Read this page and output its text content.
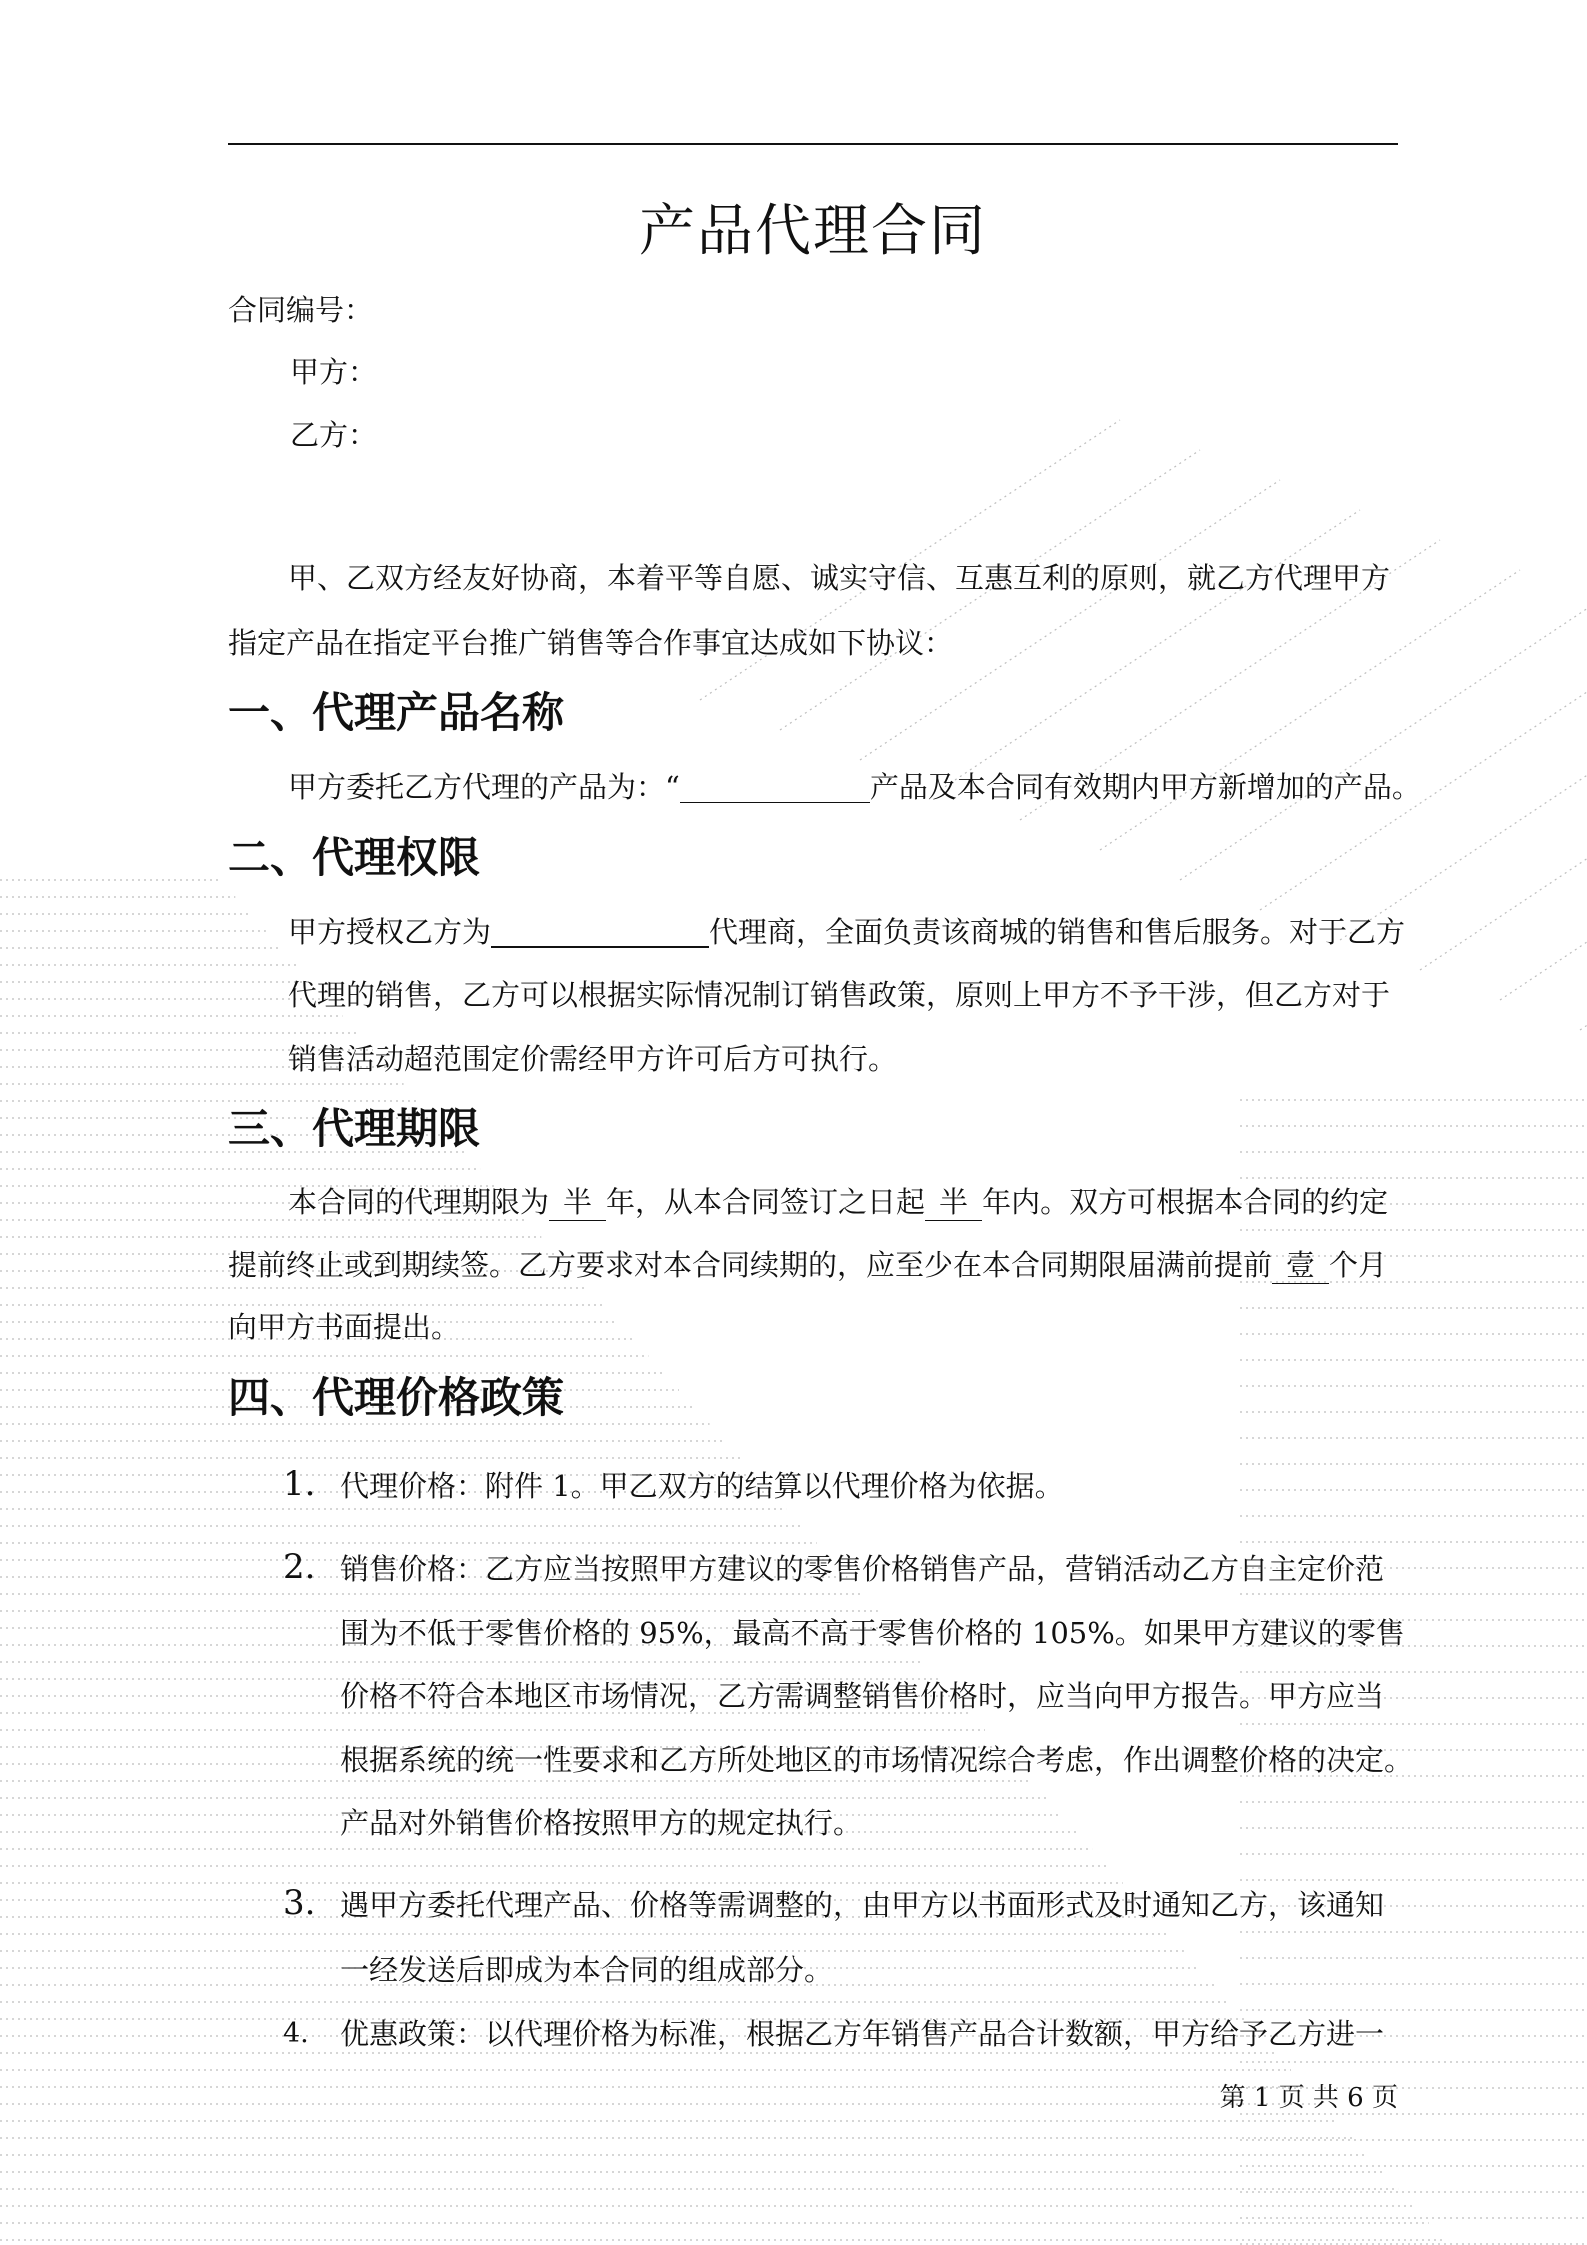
产品代理合同
合同编号：
甲方：
乙方：
甲、乙双方经友好协商，本着平等自愿、诚实守信、互惠互利的原则，就乙方代理甲方
指定产品在指定平台推广销售等合作事宜达成如下协议：
一、代理产品名称
甲方委托乙方代理的产品为：“	产品及本合同有效期内甲方新增加的产品。
二、代理权限
甲方授权乙方为	代理商，全面负责该商城的销售和售后服务。对于乙方
代理的销售，乙方可以根据实际情况制订销售政策，原则上甲方不予干涉，但乙方对于
销售活动超范围定价需经甲方许可后方可执行。
三、代理期限
本合同的代理期限为 半 年，从本合同签订之日起 半 年内。双方可根据本合同的约定
提前终止或到期续签。乙方要求对本合同续期的，应至少在本合同期限届满前提前 壹 个月
向甲方书面提出。
四、代理价格政策
1. 代理价格：附件 1。甲乙双方的结算以代理价格为依据。
2. 销售价格：乙方应当按照甲方建议的零售价格销售产品，营销活动乙方自主定价范
围为不低于零售价格的 95%，最高不高于零售价格的 105%。如果甲方建议的零售
价格不符合本地区市场情况，乙方需调整销售价格时，应当向甲方报告。甲方应当
根据系统的统一性要求和乙方所处地区的市场情况综合考虑，作出调整价格的决定。
产品对外销售价格按照甲方的规定执行。
3. 遇甲方委托代理产品、价格等需调整的，由甲方以书面形式及时通知乙方，该通知
一经发送后即成为本合同的组成部分。
4. 优惠政策：以代理价格为标准，根据乙方年销售产品合计数额，甲方给予乙方进一
第 1 页 共 6 页
